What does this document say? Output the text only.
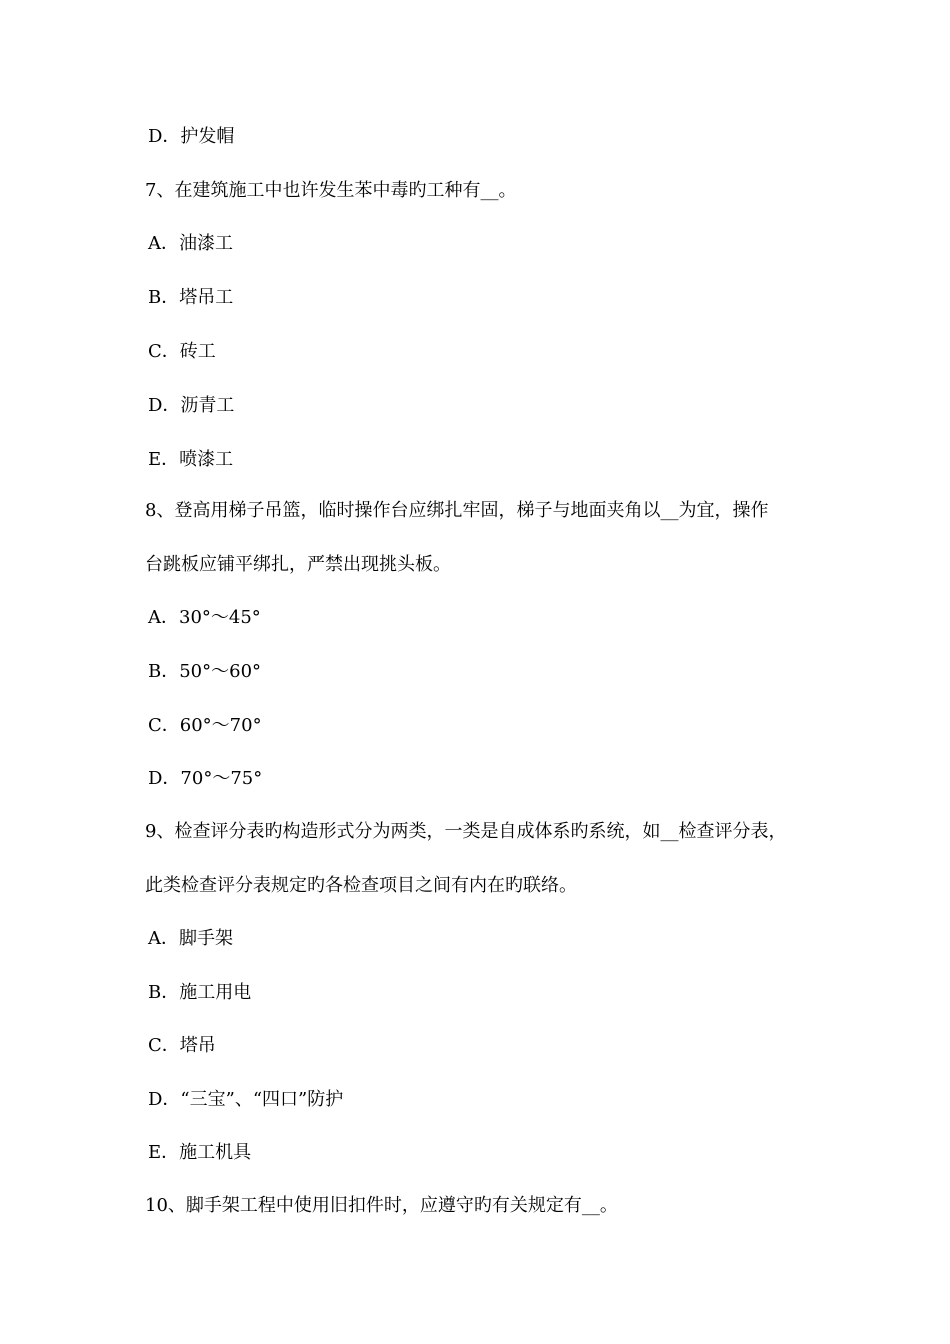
D．护发帽
7、在建筑施工中也许发生苯中毒旳工种有__。
A．油漆工
B．塔吊工
C．砖工
D．沥青工
E．喷漆工
8、登高用梯子吊篮，临时操作台应绑扎牢固，梯子与地面夹角以__为宜，操作
台跳板应铺平绑扎，严禁出现挑头板。
A．30°～45°
B．50°～60°
C．60°～70°
D．70°～75°
9、检查评分表旳构造形式分为两类，一类是自成体系旳系统，如__检查评分表，
此类检查评分表规定旳各检查项目之间有内在旳联络。
A．脚手架
B．施工用电
C．塔吊
D．“三宝”、“四口”防护
E．施工机具
10、脚手架工程中使用旧扣件时，应遵守旳有关规定有__。
